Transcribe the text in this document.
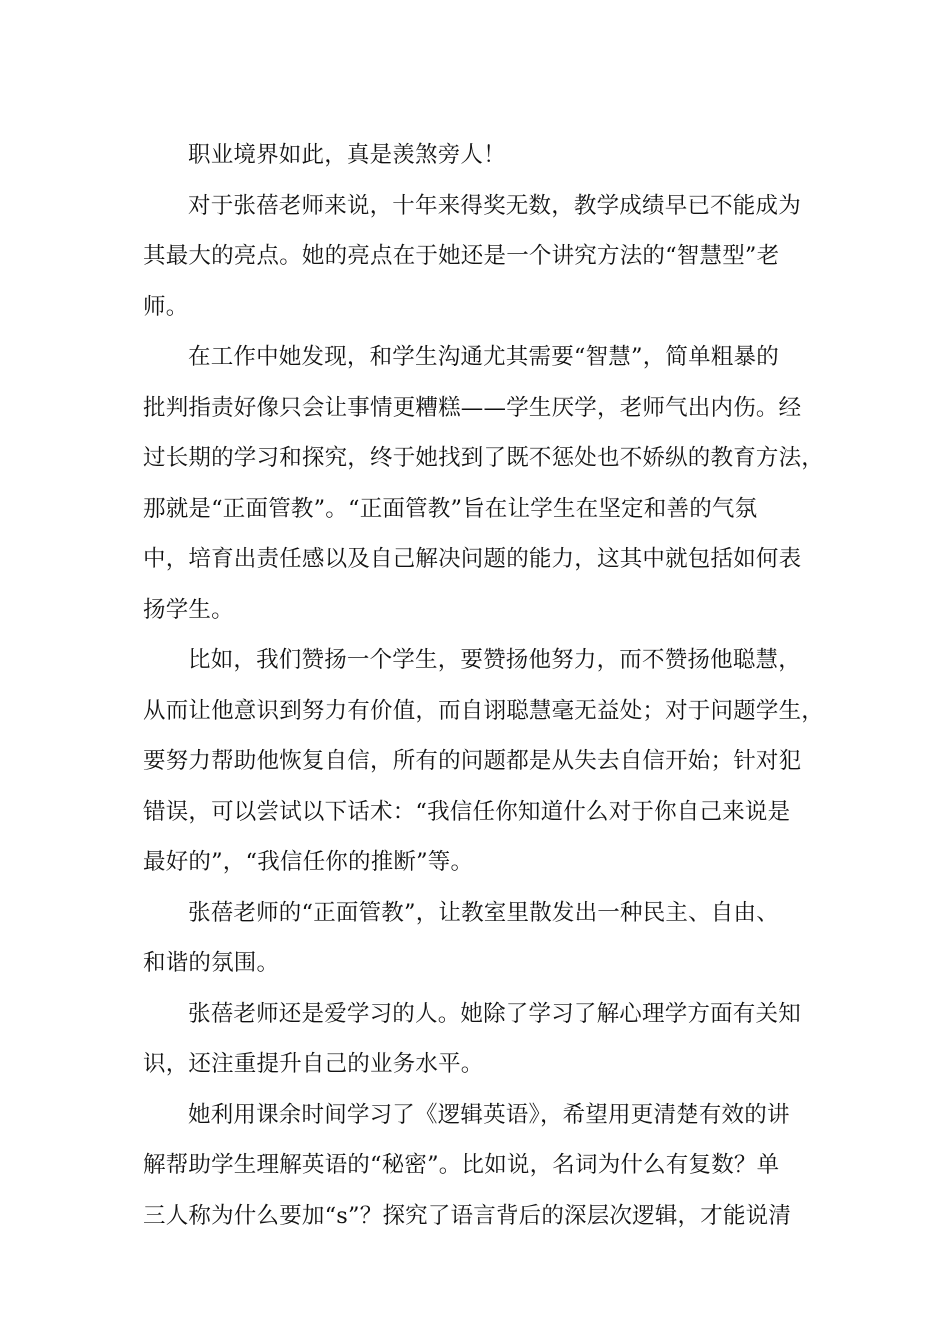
职业境界如此，真是羡煞旁人！
对于张蓓老师来说，十年来得奖无数，教学成绩早已不能成为
其最大的亮点。她的亮点在于她还是一个讲究方法的“智慧型”老
师。
在工作中她发现，和学生沟通尤其需要“智慧”，简单粗暴的
批判指责好像只会让事情更糟糕——学生厌学，老师气出内伤。经
过长期的学习和探究，终于她找到了既不惩处也不娇纵的教育方法，
那就是“正面管教”。“正面管教”旨在让学生在坚定和善的气氛
中，培育出责任感以及自己解决问题的能力，这其中就包括如何表
扬学生。
比如，我们赞扬一个学生，要赞扬他努力，而不赞扬他聪慧，
从而让他意识到努力有价值，而自诩聪慧毫无益处；对于问题学生，
要努力帮助他恢复自信，所有的问题都是从失去自信开始；针对犯
错误，可以尝试以下话术：“我信任你知道什么对于你自己来说是
最好的”，“我信任你的推断”等。
张蓓老师的“正面管教”，让教室里散发出一种民主、自由、
和谐的氛围。
张蓓老师还是爱学习的人。她除了学习了解心理学方面有关知
识，还注重提升自己的业务水平。
她利用课余时间学习了《逻辑英语》，希望用更清楚有效的讲
解帮助学生理解英语的“秘密”。比如说，名词为什么有复数？单
三人称为什么要加“s”？探究了语言背后的深层次逻辑，才能说清
